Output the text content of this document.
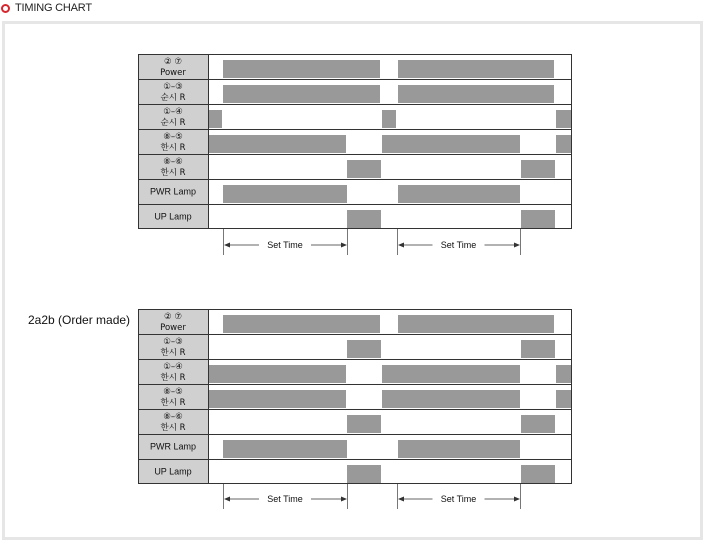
TIMING CHART
2a2b (Order made)
② ⑦
Power
①–③
순시 R
①–④
순시 R
⑧–⑤
한시 R
⑧–⑥
한시 R
PWR Lamp
UP Lamp
Set Time	Set Time
② ⑦
Power
①–③
한시 R
①–④
한시 R
⑧–⑤
한시 R
⑧–⑥
한시 R
PWR Lamp
UP Lamp
Set Time	Set Time
